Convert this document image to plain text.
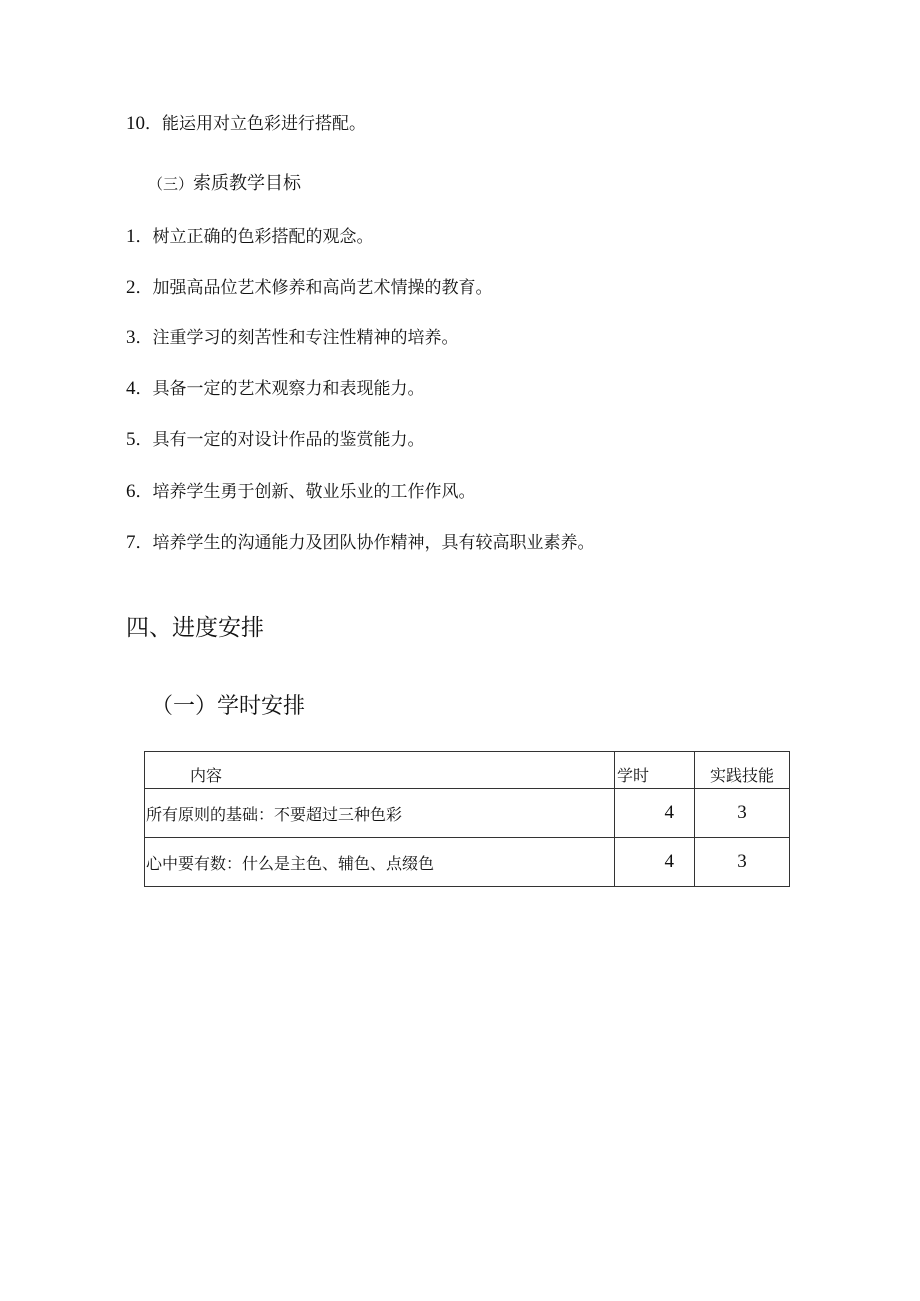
10．能运用对立色彩进行搭配。
（三）索质教学目标
1．树立正确的色彩搭配的观念。
2．加强高品位艺术修养和高尚艺术情操的教育。
3．注重学习的刻苦性和专注性精神的培养。
4．具备一定的艺术观察力和表现能力。
5．具有一定的对设计作品的鉴赏能力。
6．培养学生勇于创新、敬业乐业的工作作风。
7．培养学生的沟通能力及团队协作精神，具有较高职业素养。
四、进度安排
（一）学时安排
内容	学时	实践技能
所有原则的基础：不要超过三种色彩	4	3
心中要有数：什么是主色、辅色、点缀色	4	3
